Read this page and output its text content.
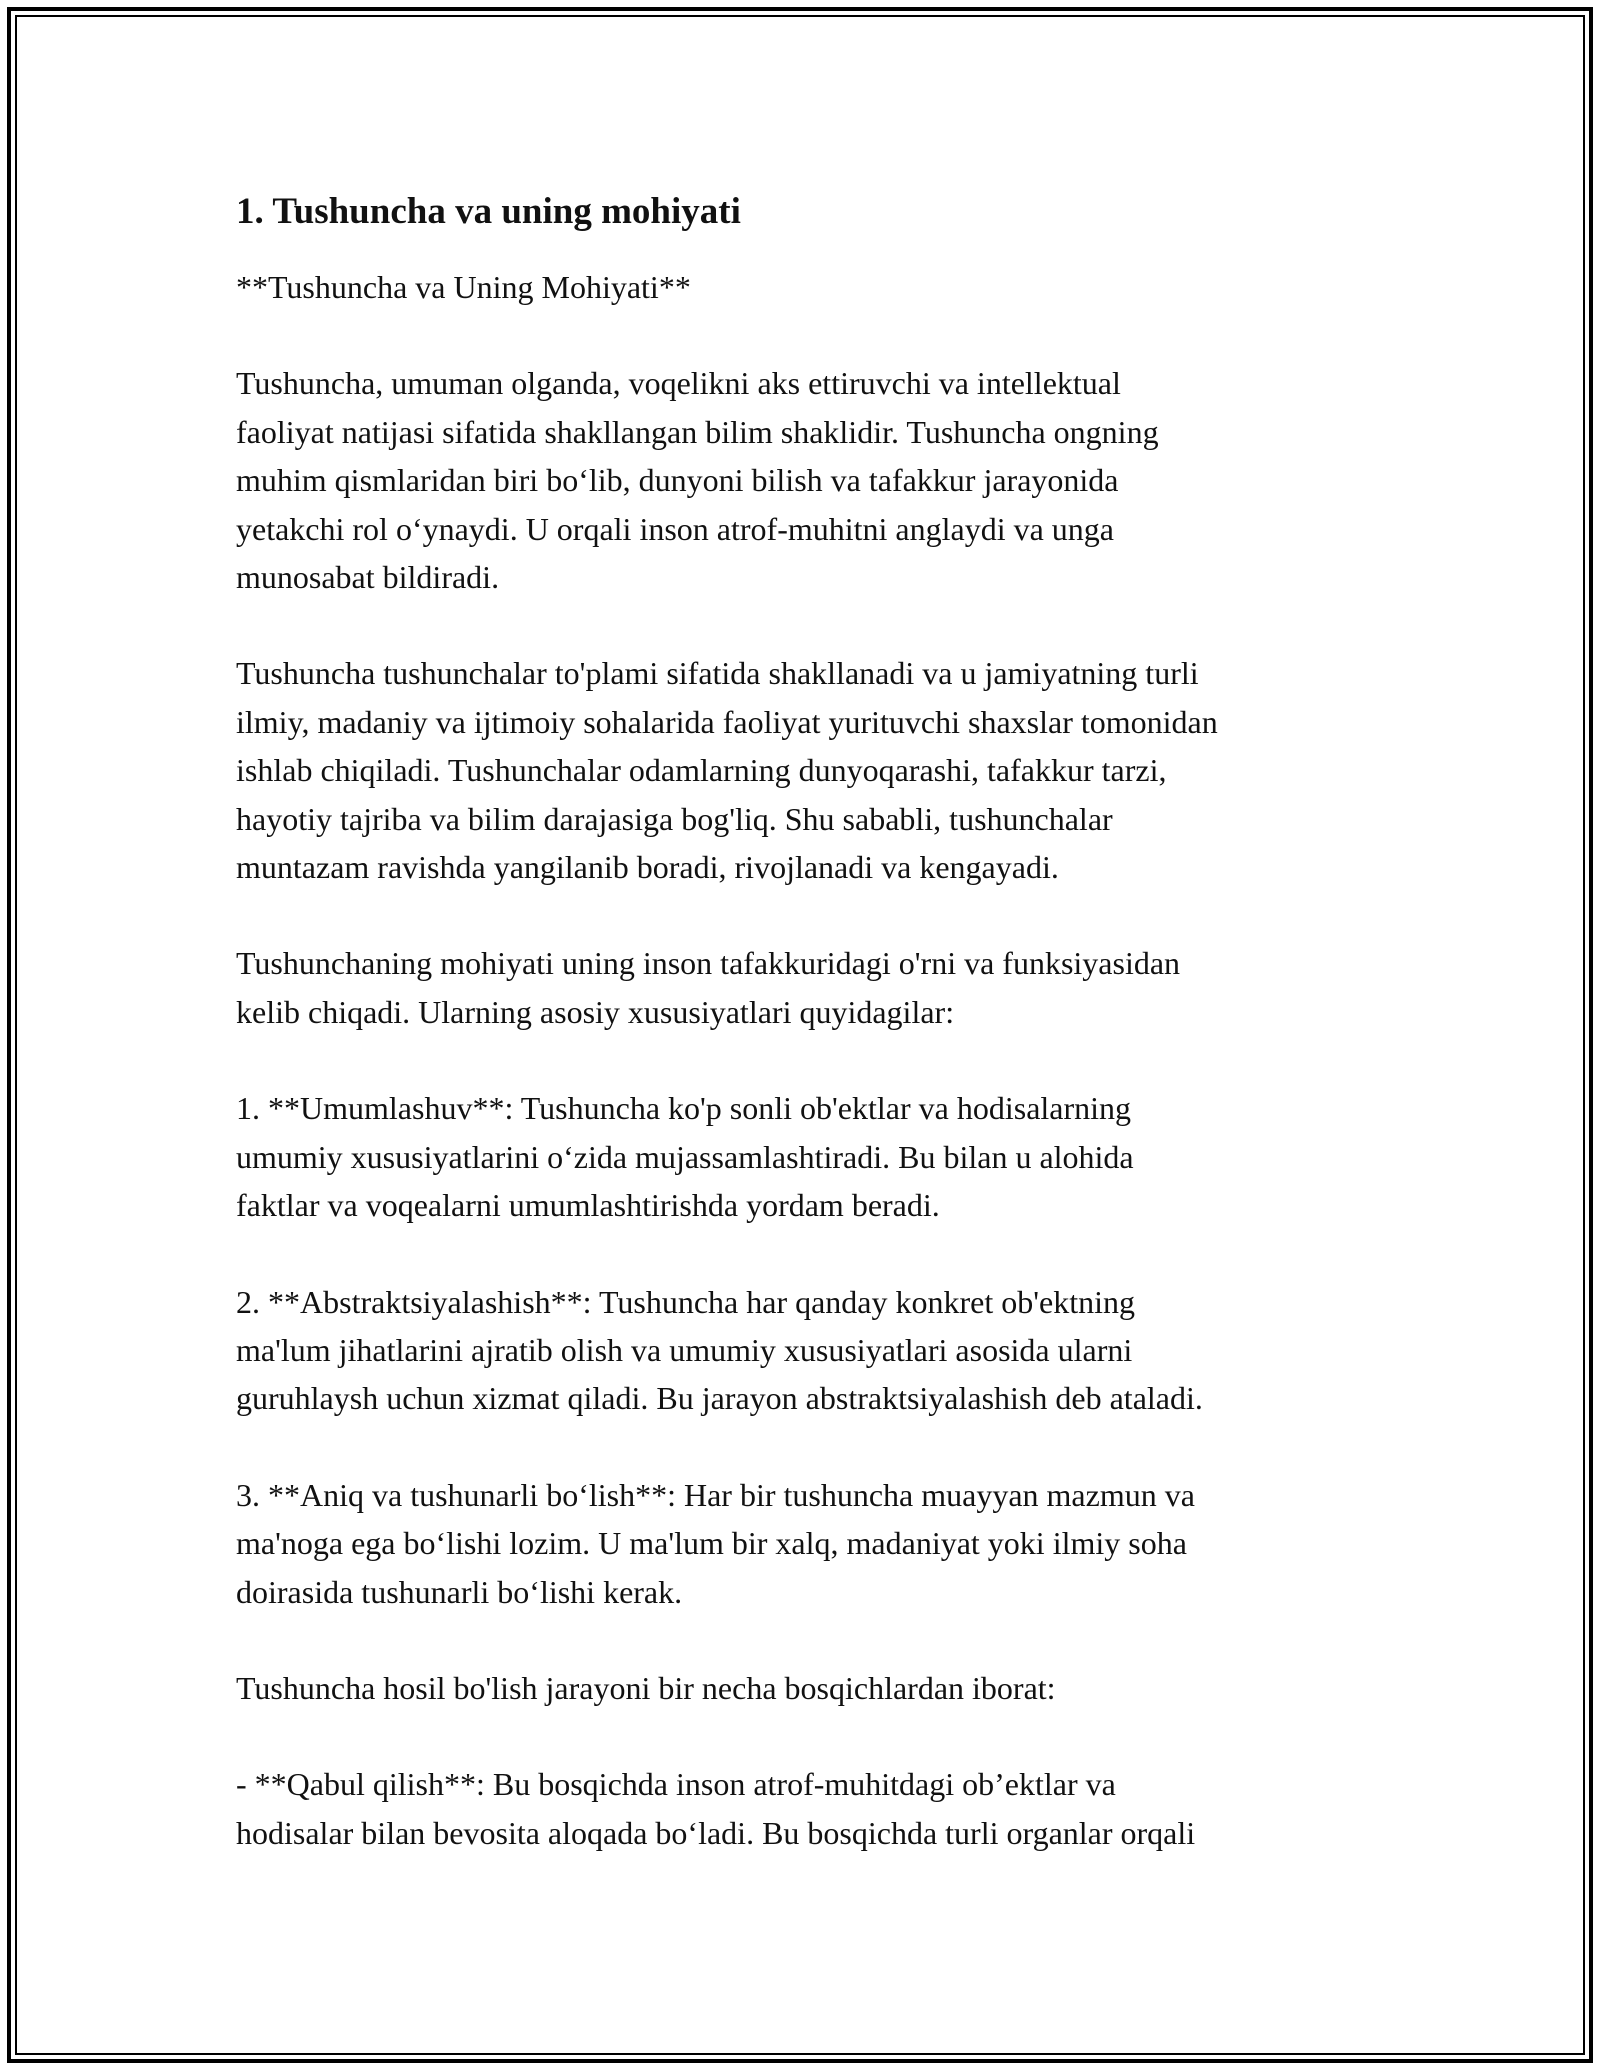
1. Tushuncha va uning mohiyati

**Tushuncha va Uning Mohiyati**

Tushuncha, umuman olganda, voqelikni aks ettiruvchi va intellektual
faoliyat natijasi sifatida shakllangan bilim shaklidir. Tushuncha ongning
muhim qismlaridan biri bo‘lib, dunyoni bilish va tafakkur jarayonida
yetakchi rol o‘ynaydi. U orqali inson atrof-muhitni anglaydi va unga
munosabat bildiradi.

Tushuncha tushunchalar to'plami sifatida shakllanadi va u jamiyatning turli
ilmiy, madaniy va ijtimoiy sohalarida faoliyat yurituvchi shaxslar tomonidan
ishlab chiqiladi. Tushunchalar odamlarning dunyoqarashi, tafakkur tarzi,
hayotiy tajriba va bilim darajasiga bog'liq. Shu sababli, tushunchalar
muntazam ravishda yangilanib boradi, rivojlanadi va kengayadi.

Tushunchaning mohiyati uning inson tafakkuridagi o'rni va funksiyasidan
kelib chiqadi. Ularning asosiy xususiyatlari quyidagilar:

1. **Umumlashuv**: Tushuncha ko'p sonli ob'ektlar va hodisalarning
umumiy xususiyatlarini o‘zida mujassamlashtiradi. Bu bilan u alohida
faktlar va voqealarni umumlashtirishda yordam beradi.

2. **Abstraktsiyalashish**: Tushuncha har qanday konkret ob'ektning
ma'lum jihatlarini ajratib olish va umumiy xususiyatlari asosida ularni
guruhlaysh uchun xizmat qiladi. Bu jarayon abstraktsiyalashish deb ataladi.

3. **Aniq va tushunarli bo‘lish**: Har bir tushuncha muayyan mazmun va
ma'noga ega bo‘lishi lozim. U ma'lum bir xalq, madaniyat yoki ilmiy soha
doirasida tushunarli bo‘lishi kerak.

Tushuncha hosil bo'lish jarayoni bir necha bosqichlardan iborat:

- **Qabul qilish**: Bu bosqichda inson atrof-muhitdagi ob’ektlar va
hodisalar bilan bevosita aloqada bo‘ladi. Bu bosqichda turli organlar orqali
